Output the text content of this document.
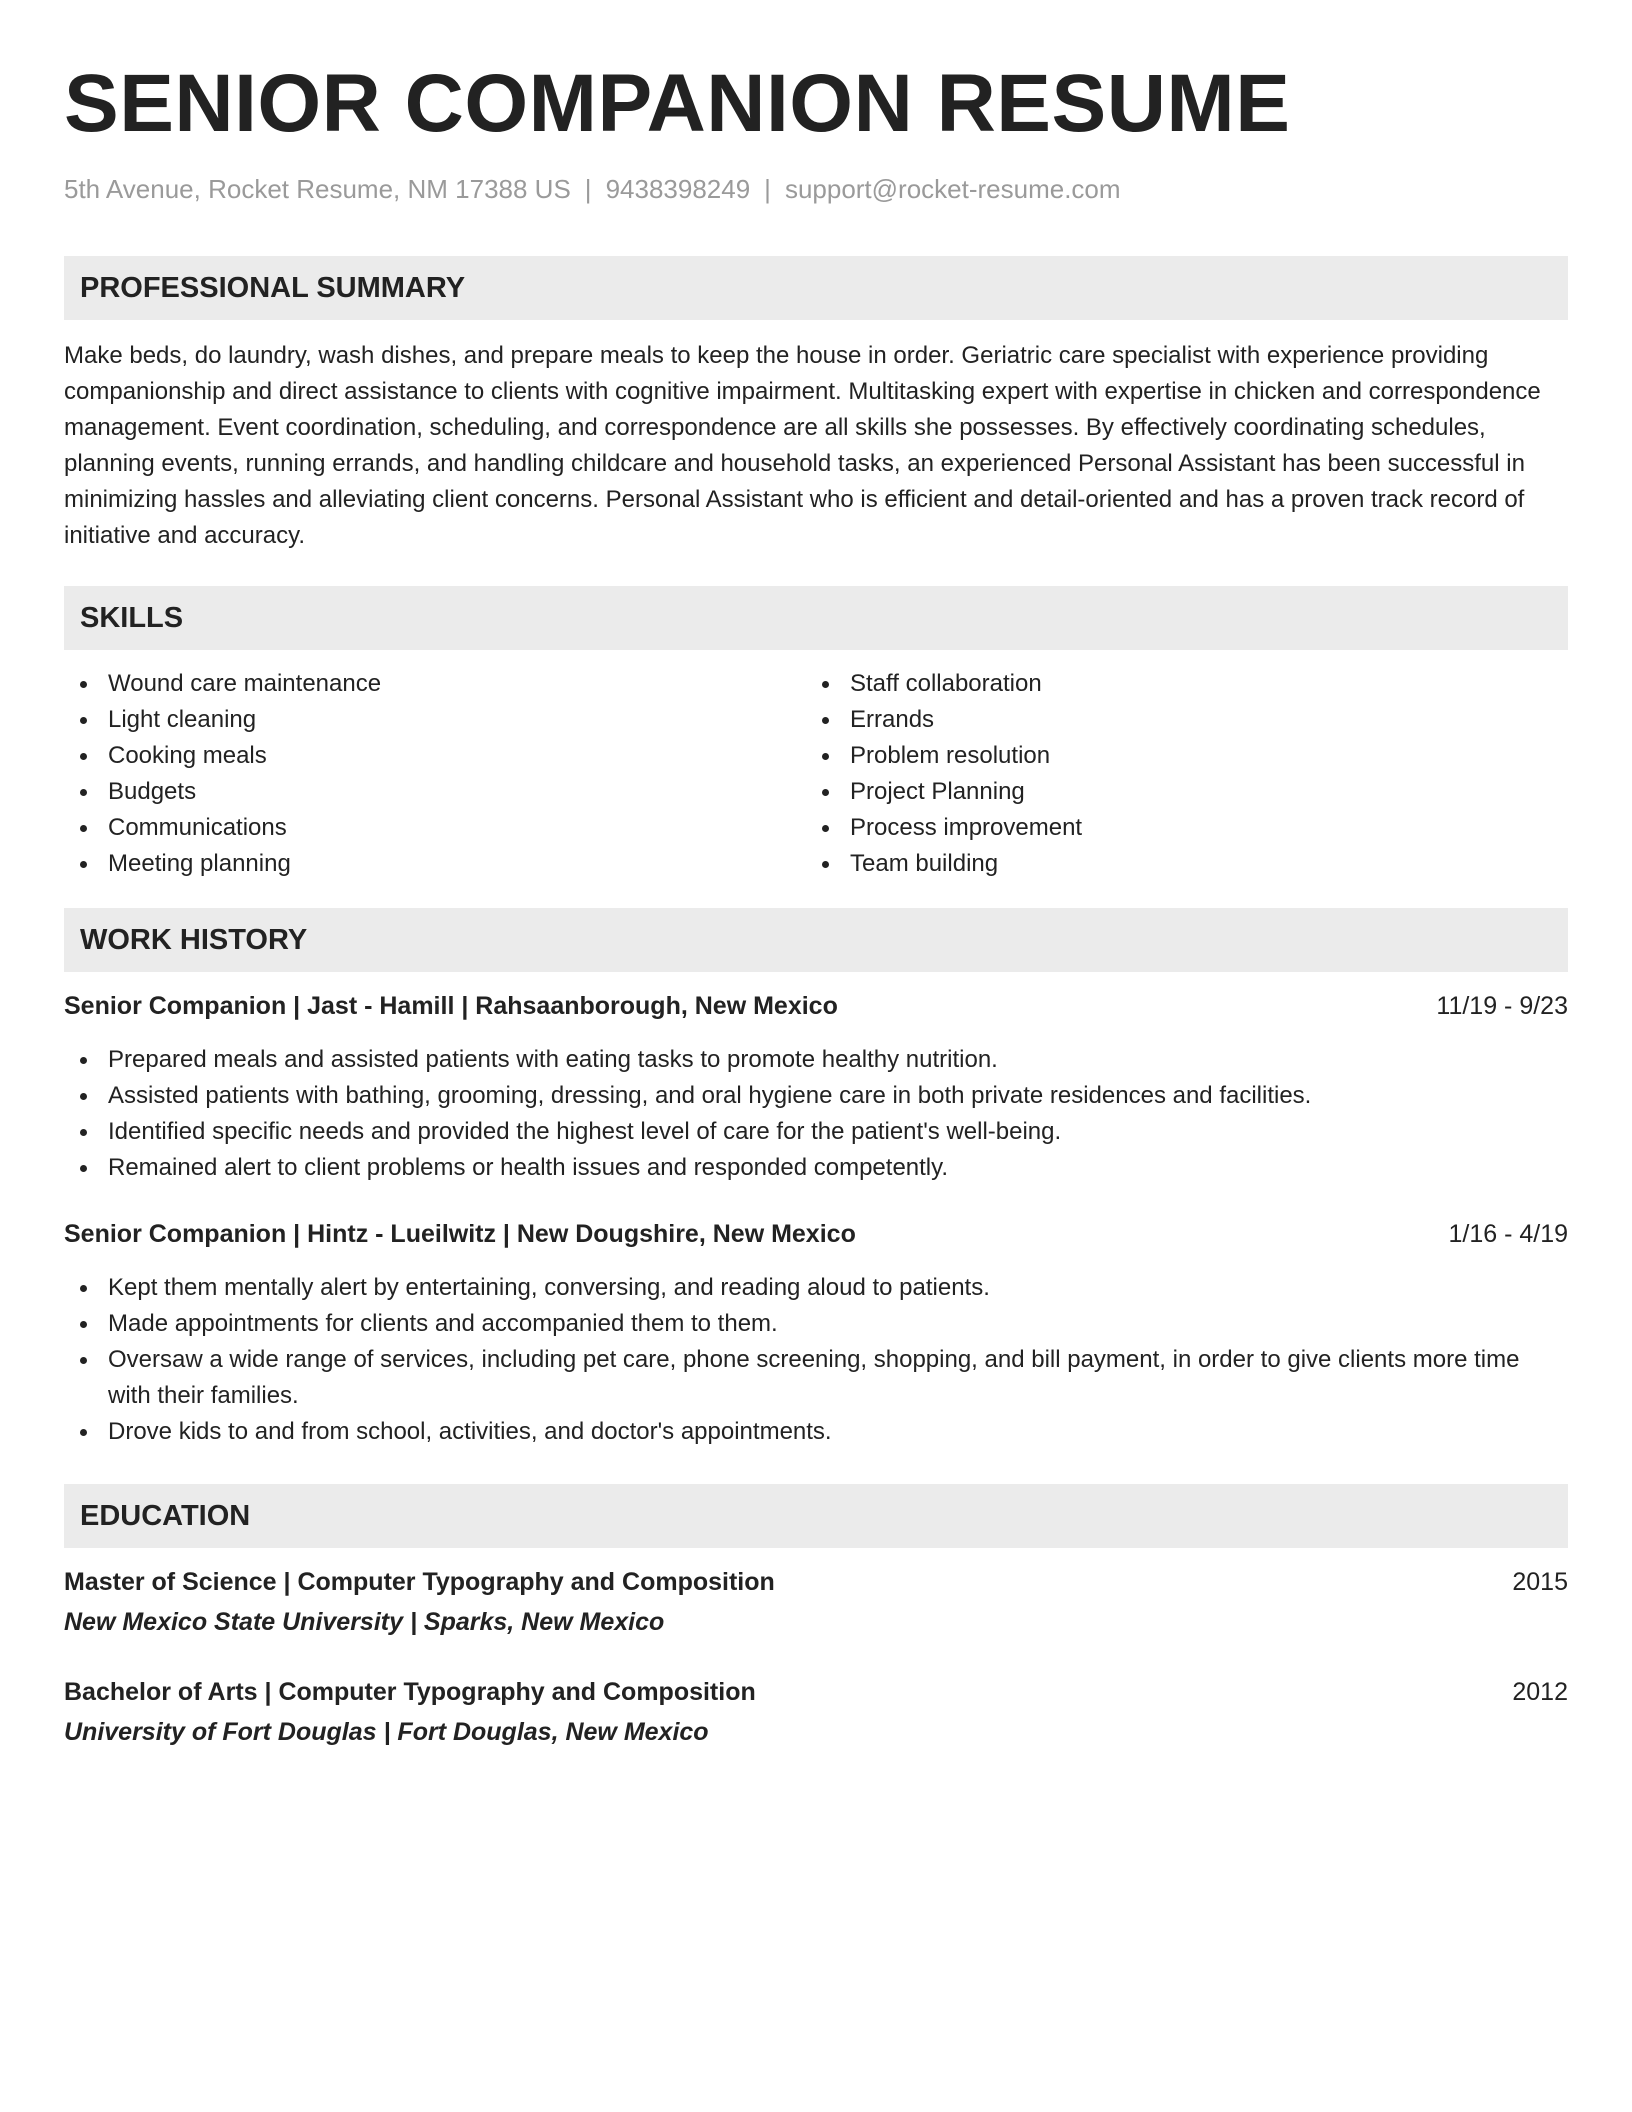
SENIOR COMPANION RESUME
5th Avenue, Rocket Resume, NM 17388 US | 9438398249 | support@rocket-resume.com
PROFESSIONAL SUMMARY
Make beds, do laundry, wash dishes, and prepare meals to keep the house in order. Geriatric care specialist with experience providing companionship and direct assistance to clients with cognitive impairment. Multitasking expert with expertise in chicken and correspondence management. Event coordination, scheduling, and correspondence are all skills she possesses. By effectively coordinating schedules, planning events, running errands, and handling childcare and household tasks, an experienced Personal Assistant has been successful in minimizing hassles and alleviating client concerns. Personal Assistant who is efficient and detail-oriented and has a proven track record of initiative and accuracy.
SKILLS
Wound care maintenance
Light cleaning
Cooking meals
Budgets
Communications
Meeting planning
Staff collaboration
Errands
Problem resolution
Project Planning
Process improvement
Team building
WORK HISTORY
Senior Companion | Jast - Hamill | Rahsaanborough, New Mexico	11/19 - 9/23
Prepared meals and assisted patients with eating tasks to promote healthy nutrition.
Assisted patients with bathing, grooming, dressing, and oral hygiene care in both private residences and facilities.
Identified specific needs and provided the highest level of care for the patient's well-being.
Remained alert to client problems or health issues and responded competently.
Senior Companion | Hintz - Lueilwitz | New Dougshire, New Mexico	1/16 - 4/19
Kept them mentally alert by entertaining, conversing, and reading aloud to patients.
Made appointments for clients and accompanied them to them.
Oversaw a wide range of services, including pet care, phone screening, shopping, and bill payment, in order to give clients more time with their families.
Drove kids to and from school, activities, and doctor's appointments.
EDUCATION
Master of Science | Computer Typography and Composition	2015
New Mexico State University | Sparks, New Mexico
Bachelor of Arts | Computer Typography and Composition	2012
University of Fort Douglas | Fort Douglas, New Mexico
